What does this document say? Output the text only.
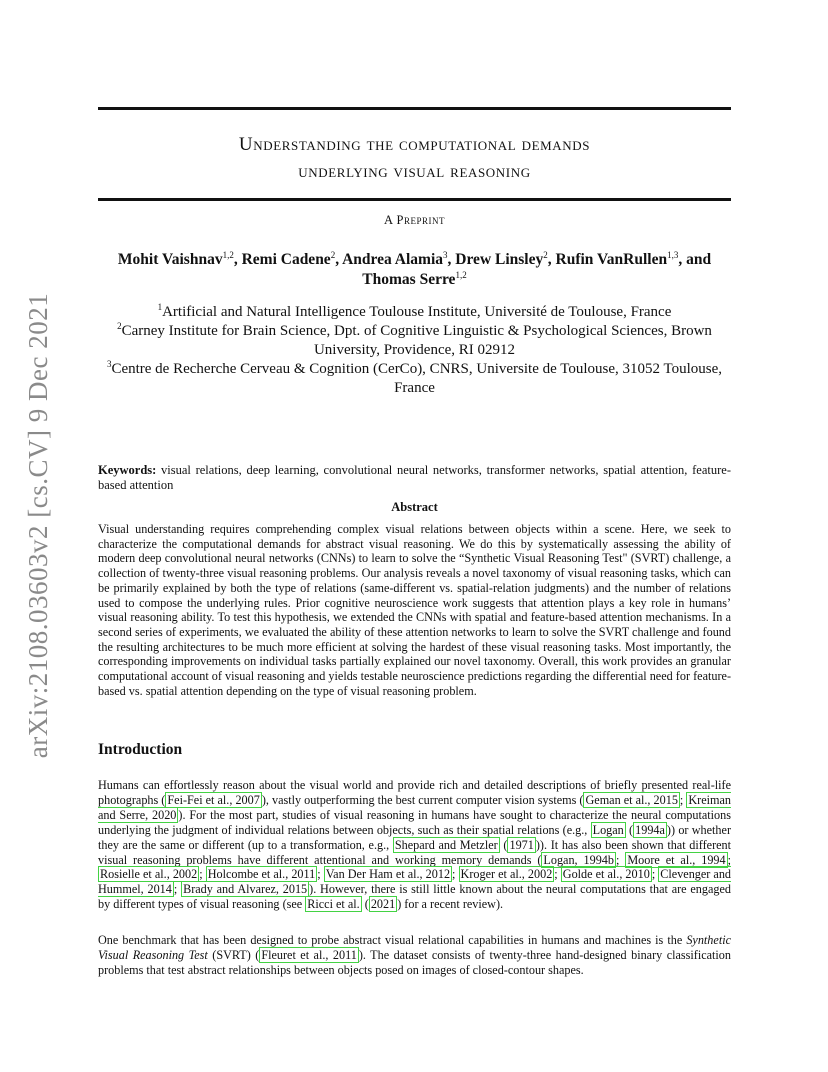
arXiv:2108.03603v2 [cs.CV] 9 Dec 2021
Understanding the computational demands
underlying visual reasoning
A Preprint
Mohit Vaishnav$^{1,2}$, Remi Cadene$^2$, Andrea Alamia$^3$, Drew Linsley$^2$, Rufin VanRullen$^{1,3}$, and
Thomas Serre$^{1,2}$
$^1$Artificial and Natural Intelligence Toulouse Institute, Université de Toulouse, France
$^2$Carney Institute for Brain Science, Dpt. of Cognitive Linguistic & Psychological Sciences, Brown University, Providence, RI 02912
$^3$Centre de Recherche Cerveau & Cognition (CerCo), CNRS, Universite de Toulouse, 31052 Toulouse, France
Keywords: visual relations, deep learning, convolutional neural networks, transformer networks, spatial attention, feature-based attention
Abstract
Visual understanding requires comprehending complex visual relations between objects within a scene. Here, we seek to characterize the computational demands for abstract visual reasoning. We do this by systematically assessing the ability of modern deep convolutional neural networks (CNNs) to learn to solve the “Synthetic Visual Reasoning Test" (SVRT) challenge, a collection of twenty-three visual reasoning problems. Our analysis reveals a novel taxonomy of visual reasoning tasks, which can be primarily explained by both the type of relations (same-different vs. spatial-relation judgments) and the number of relations used to compose the underlying rules. Prior cognitive neuroscience work suggests that attention plays a key role in humans’ visual reasoning ability. To test this hypothesis, we extended the CNNs with spatial and feature-based attention mechanisms. In a second series of experiments, we evaluated the ability of these attention networks to learn to solve the SVRT challenge and found the resulting architectures to be much more efficient at solving the hardest of these visual reasoning tasks. Most importantly, the corresponding improvements on individual tasks partially explained our novel taxonomy. Overall, this work provides an granular computational account of visual reasoning and yields testable neuroscience predictions regarding the differential need for feature-based vs. spatial attention depending on the type of visual reasoning problem.
Introduction
Humans can effortlessly reason about the visual world and provide rich and detailed descriptions of briefly presented real-life photographs ( Fei-Fei et al., 2007 ), vastly outperforming the best current computer vision systems ( Geman et al., 2015 ; Kreiman and Serre, 2020 ). For the most part, studies of visual reasoning in humans have sought to characterize the neural computations underlying the judgment of individual relations between objects, such as their spatial relations (e.g., Logan ( 1994a )) or whether they are the same or different (up to a transformation, e.g., Shepard and Metzler ( 1971 )). It has also been shown that different visual reasoning problems have different attentional and working memory demands ( Logan, 1994b ; Moore et al., 1994 ; Rosielle et al., 2002 ; Holcombe et al., 2011 ; Van Der Ham et al., 2012 ; Kroger et al., 2002 ; Golde et al., 2010 ; Clevenger and Hummel, 2014 ; Brady and Alvarez, 2015 ). However, there is still little known about the neural computations that are engaged by different types of visual reasoning (see Ricci et al. ( 2021 ) for a recent review).
One benchmark that has been designed to probe abstract visual relational capabilities in humans and machines is the Synthetic Visual Reasoning Test (SVRT) ( Fleuret et al., 2011 ). The dataset consists of twenty-three hand-designed binary classification problems that test abstract relationships between objects posed on images of closed-contour shapes.
